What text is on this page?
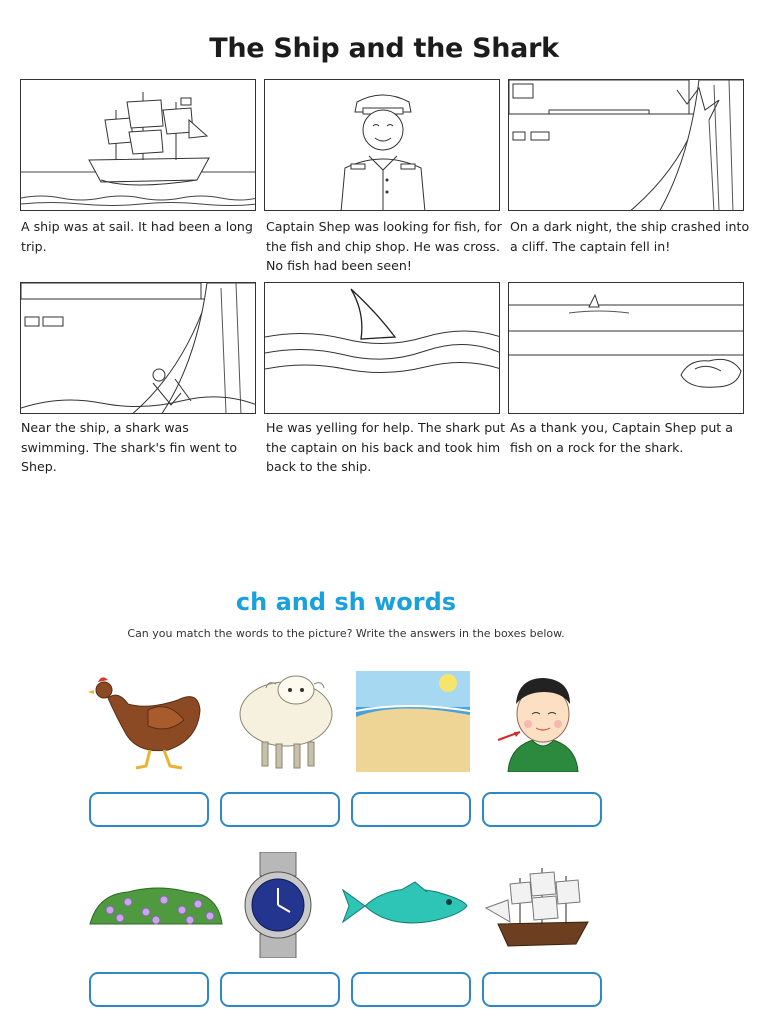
The Ship and the Shark
A ship was at sail. It had been a long trip.
Captain Shep was looking for fish, for the fish and chip shop. He was cross. No fish had been seen!
On a dark night, the ship crashed into a cliff. The captain fell in!
Near the ship, a shark was swimming. The shark's fin went to Shep.
He was yelling for help. The shark put the captain on his back and took him back to the ship.
As a thank you, Captain Shep put a fish on a rock for the shark.
ch and sh words
Can you match the words to the picture? Write the answers in the boxes below.
